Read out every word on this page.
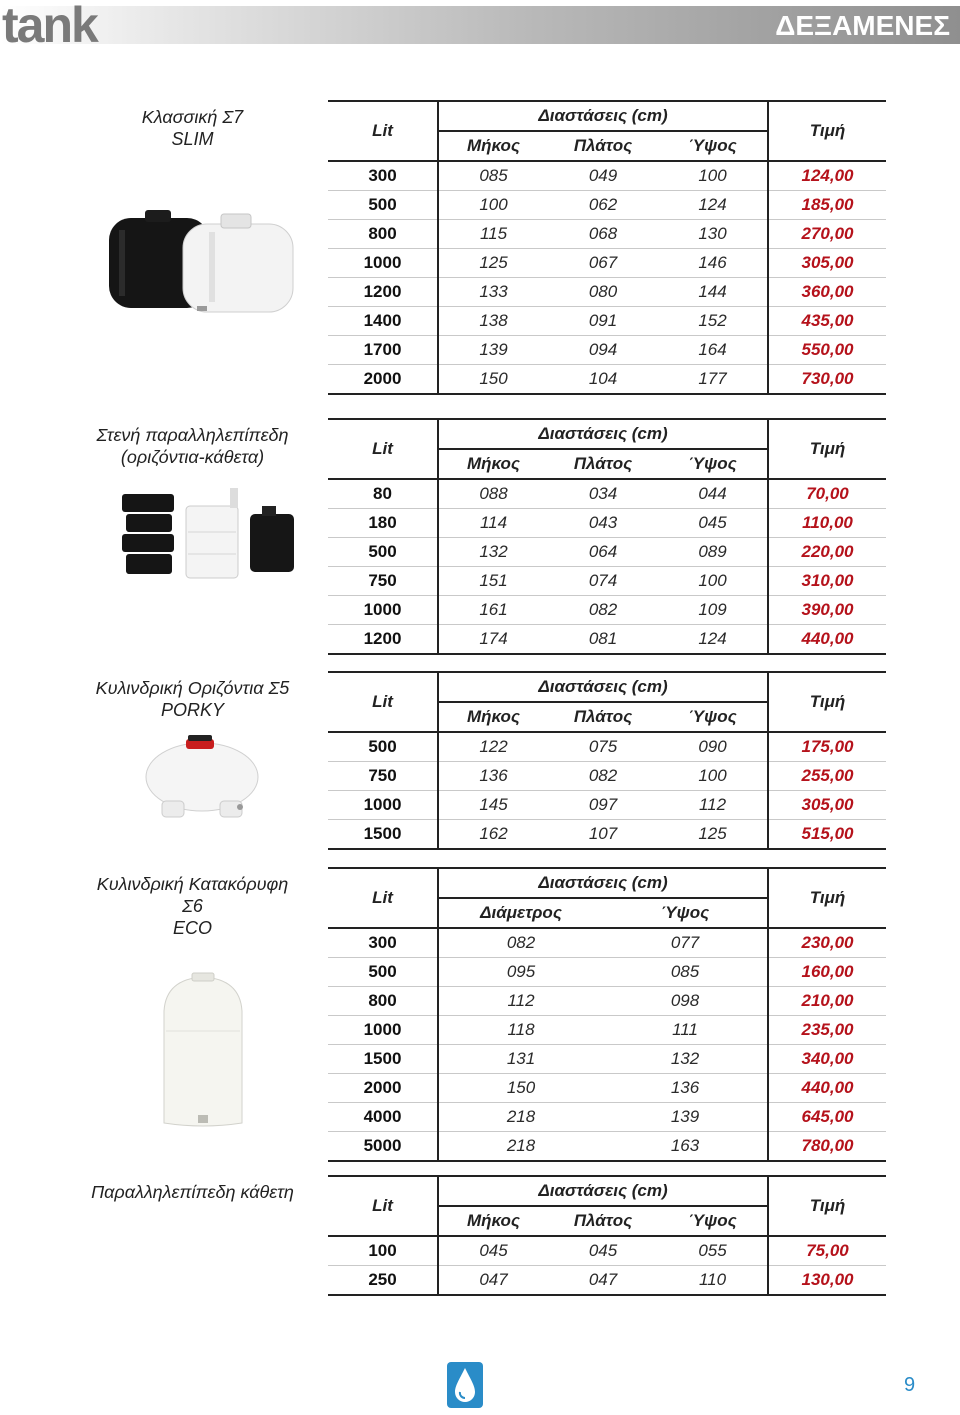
tank	ΔΕΞΑΜΕΝΕΣ
Κλασσική Σ7
SLIM	Lit	Διαστάσεις (cm)			Τιμή
	Μήκος	Πλάτος	Ύψος	
300	085	049	100	124,00
500	100	062	124	185,00
800	115	068	130	270,00
1000	125	067	146	305,00
1200	133	080	144	360,00
1400	138	091	152	435,00
1700	139	094	164	550,00
2000	150	104	177	730,00
Στενή παραλληλεπίπεδη
(οριζόντια-κάθετα)	Lit	Διαστάσεις (cm)			Τιμή
	Μήκος	Πλάτος	Ύψος	
80	088	034	044	70,00
180	114	043	045	110,00
500	132	064	089	220,00
750	151	074	100	310,00
1000	161	082	109	390,00
1200	174	081	124	440,00
Κυλινδρική Οριζόντια Σ5
PORKY	Lit	Διαστάσεις (cm)			Τιμή
	Μήκος	Πλάτος	Ύψος	
500	122	075	090	175,00
750	136	082	100	255,00
1000	145	097	112	305,00
1500	162	107	125	515,00
Κυλινδρική Κατακόρυφη
Σ6
ECO
Lit	Διαστάσεις (cm)		Τιμή
	Διάμετρος	Ύψος	
300	082	077	230,00
500	095	085	160,00
800	112	098	210,00
1000	118	111	235,00
1500	131	132	340,00
2000	150	136	440,00
4000	218	139	645,00
5000	218	163	780,00
Παραλληλεπίπεδη κάθετη
Lit	Διαστάσεις (cm)			Τιμή
	Μήκος	Πλάτος	Ύψος	
100	045	045	055	75,00
250	047	047	110	130,00
9
